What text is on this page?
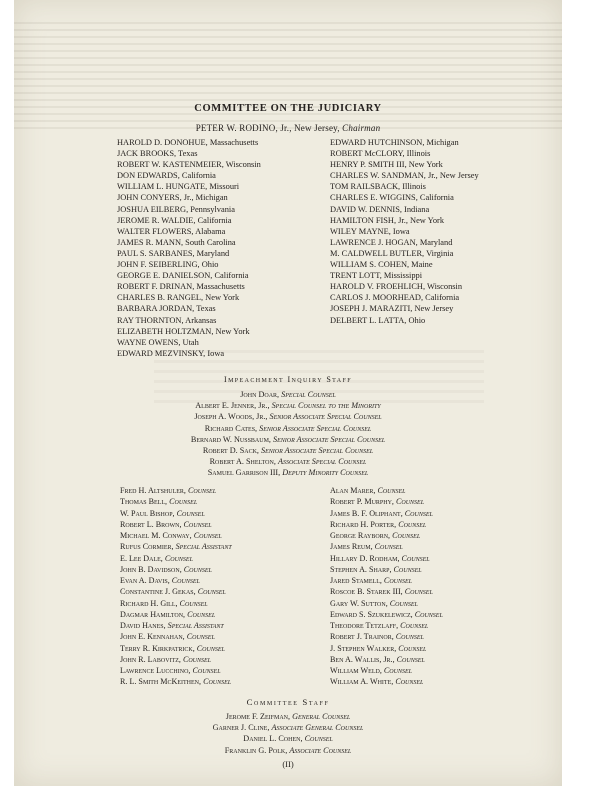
COMMITTEE ON THE JUDICIARY
PETER W. RODINO, Jr., New Jersey, Chairman
HAROLD D. DONOHUE, Massachusetts
JACK BROOKS, Texas
ROBERT W. KASTENMEIER, Wisconsin
DON EDWARDS, California
WILLIAM L. HUNGATE, Missouri
JOHN CONYERS, Jr., Michigan
JOSHUA EILBERG, Pennsylvania
JEROME R. WALDIE, California
WALTER FLOWERS, Alabama
JAMES R. MANN, South Carolina
PAUL S. SARBANES, Maryland
JOHN F. SEIBERLING, Ohio
GEORGE E. DANIELSON, California
ROBERT F. DRINAN, Massachusetts
CHARLES B. RANGEL, New York
BARBARA JORDAN, Texas
RAY THORNTON, Arkansas
ELIZABETH HOLTZMAN, New York
WAYNE OWENS, Utah
EDWARD MEZVINSKY, Iowa
EDWARD HUTCHINSON, Michigan
ROBERT McCLORY, Illinois
HENRY P. SMITH III, New York
CHARLES W. SANDMAN, Jr., New Jersey
TOM RAILSBACK, Illinois
CHARLES E. WIGGINS, California
DAVID W. DENNIS, Indiana
HAMILTON FISH, Jr., New York
WILEY MAYNE, Iowa
LAWRENCE J. HOGAN, Maryland
M. CALDWELL BUTLER, Virginia
WILLIAM S. COHEN, Maine
TRENT LOTT, Mississippi
HAROLD V. FROEHLICH, Wisconsin
CARLOS J. MOORHEAD, California
JOSEPH J. MARAZITI, New Jersey
DELBERT L. LATTA, Ohio
Impeachment Inquiry Staff
John Doar, Special Counsel
Albert E. Jenner, Jr., Special Counsel to the Minority
Joseph A. Woods, Jr., Senior Associate Special Counsel
Richard Cates, Senior Associate Special Counsel
Bernard W. Nussbaum, Senior Associate Special Counsel
Robert D. Sack, Senior Associate Special Counsel
Robert A. Shelton, Associate Special Counsel
Samuel Garrison III, Deputy Minority Counsel
Fred H. Altshuler, Counsel
Thomas Bell, Counsel
W. Paul Bishop, Counsel
Robert L. Brown, Counsel
Michael M. Conway, Counsel
Rufus Cormier, Special Assistant
E. Lee Dale, Counsel
John B. Davidson, Counsel
Evan A. Davis, Counsel
Constantine J. Gekas, Counsel
Richard H. Gill, Counsel
Dagmar Hamilton, Counsel
David Hanes, Special Assistant
John E. Kennahan, Counsel
Terry R. Kirkpatrick, Counsel
John R. Labovitz, Counsel
Lawrence Lucchino, Counsel
R. L. Smith McKeithen, Counsel
Alan Marer, Counsel
Robert P. Murphy, Counsel
James B. F. Oliphant, Counsel
Richard H. Porter, Counsel
George Rayborn, Counsel
James Reum, Counsel
Hillary D. Rodham, Counsel
Stephen A. Sharp, Counsel
Jared Stamell, Counsel
Roscoe B. Starek III, Counsel
Gary W. Sutton, Counsel
Edward S. Szukelewicz, Counsel
Theodore Tetzlaff, Counsel
Robert J. Trainor, Counsel
J. Stephen Walker, Counsel
Ben A. Wallis, Jr., Counsel
William Weld, Counsel
William A. White, Counsel
Committee Staff
Jerome F. Zeifman, General Counsel
Garner J. Cline, Associate General Counsel
Daniel L. Cohen, Counsel
Franklin G. Polk, Associate Counsel
(II)
